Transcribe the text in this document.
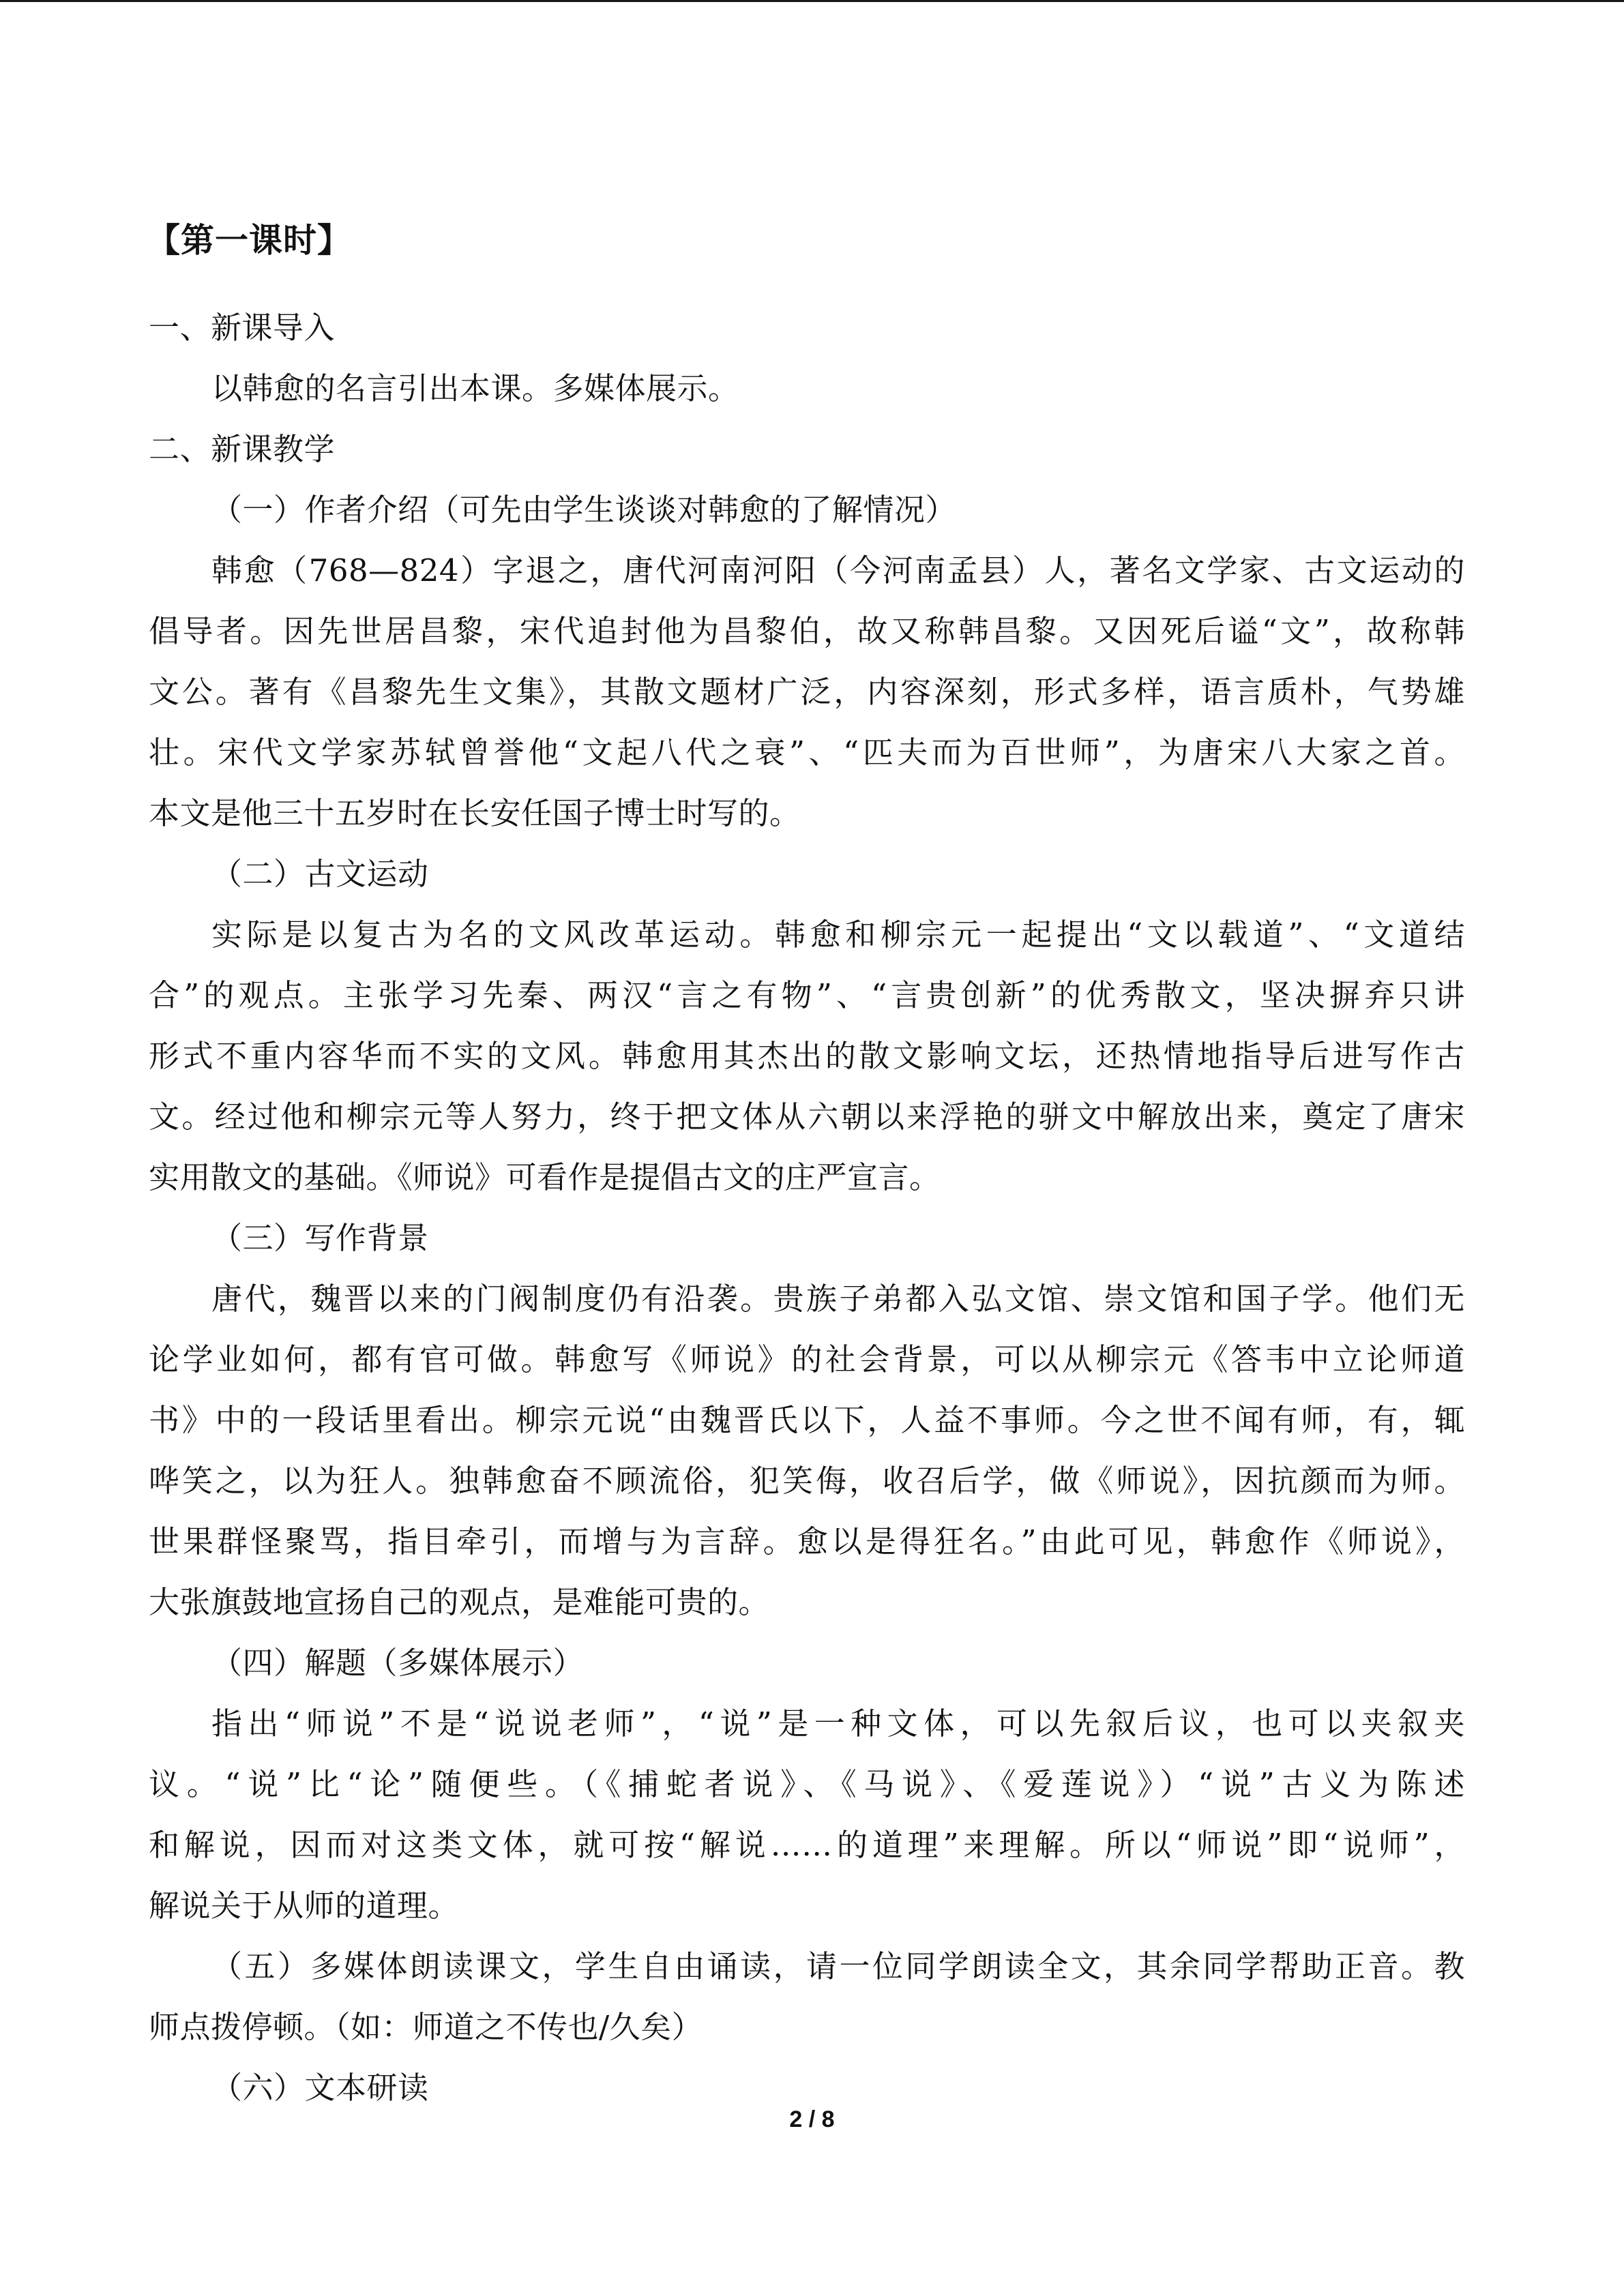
【第一课时】
一、新课导入
以韩愈的名言引出本课。多媒体展示。
二、新课教学
（一）作者介绍（可先由学生谈谈对韩愈的了解情况）
韩愈（768—824）字退之，唐代河南河阳（今河南孟县）人，著名文学家、古文运动的
倡导者。因先世居昌黎，宋代追封他为昌黎伯，故又称韩昌黎。又因死后谥“文”，故称韩
文公。著有《昌黎先生文集》，其散文题材广泛，内容深刻，形式多样，语言质朴，气势雄
壮。宋代文学家苏轼曾誉他“文起八代之衰”、“匹夫而为百世师”，为唐宋八大家之首。
本文是他三十五岁时在长安任国子博士时写的。
（二）古文运动
实际是以复古为名的文风改革运动。韩愈和柳宗元一起提出“文以载道”、“文道结
合”的观点。主张学习先秦、两汉“言之有物”、“言贵创新”的优秀散文，坚决摒弃只讲
形式不重内容华而不实的文风。韩愈用其杰出的散文影响文坛，还热情地指导后进写作古
文。经过他和柳宗元等人努力，终于把文体从六朝以来浮艳的骈文中解放出来，奠定了唐宋
实用散文的基础。《师说》可看作是提倡古文的庄严宣言。
（三）写作背景
唐代，魏晋以来的门阀制度仍有沿袭。贵族子弟都入弘文馆、崇文馆和国子学。他们无
论学业如何，都有官可做。韩愈写《师说》的社会背景，可以从柳宗元《答韦中立论师道
书》中的一段话里看出。柳宗元说“由魏晋氏以下，人益不事师。今之世不闻有师，有，辄
哗笑之，以为狂人。独韩愈奋不顾流俗，犯笑侮，收召后学，做《师说》，因抗颜而为师。
世果群怪聚骂，指目牵引，而增与为言辞。愈以是得狂名。”由此可见，韩愈作《师说》，
大张旗鼓地宣扬自己的观点，是难能可贵的。
（四）解题（多媒体展示）
指出“师说”不是“说说老师”，“说”是一种文体，可以先叙后议，也可以夹叙夹
议。“说”比“论”随便些。（《捕蛇者说》、《马说》、《爱莲说》）“说”古义为陈述
和解说，因而对这类文体，就可按“解说……的道理”来理解。所以“师说”即“说师”，
解说关于从师的道理。
（五）多媒体朗读课文，学生自由诵读，请一位同学朗读全文，其余同学帮助正音。教
师点拨停顿。（如：师道之不传也/久矣）
（六）文本研读
2 / 8
